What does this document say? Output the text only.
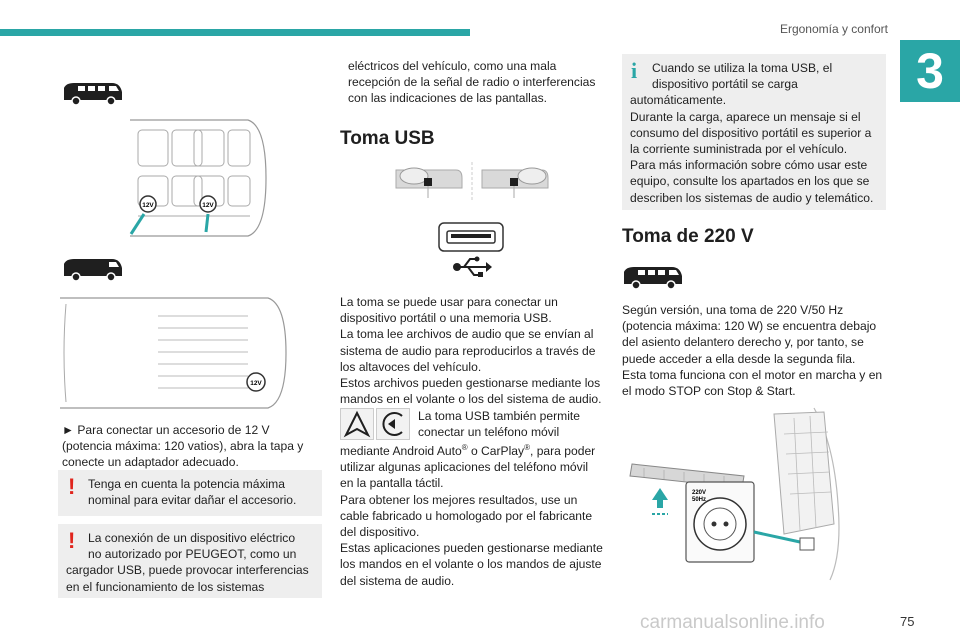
Ergonomía y confort
3
12V	12V
12V

► Para conectar un accesorio de 12 V (potencia máxima: 120 vatios), abra la tapa y conecte un adaptador adecuado.

!	Tenga en cuenta la potencia máxima nominal para evitar dañar el accesorio.
!	La conexión de un dispositivo eléctrico
no autorizado por PEUGEOT, como un
cargador USB, puede provocar interferencias
en el funcionamiento de los sistemas
eléctricos del vehículo, como una mala
recepción de la señal de radio o interferencias
con las indicaciones de las pantallas.
Toma USB
La toma se puede usar para conectar un
dispositivo portátil o una memoria USB.
La toma lee archivos de audio que se envían al
sistema de audio para reproducirlos a través de
los altavoces del vehículo.
Estos archivos pueden gestionarse mediante los
mandos en el volante o los del sistema de audio.
La toma USB también permite
conectar un teléfono móvil
mediante Android Auto® o CarPlay®, para poder
utilizar algunas aplicaciones del teléfono móvil
en la pantalla táctil.
Para obtener los mejores resultados, use un
cable fabricado u homologado por el fabricante
del dispositivo.
Estas aplicaciones pueden gestionarse mediante
los mandos en el volante o los mandos de ajuste
del sistema de audio.
i	Cuando se utiliza la toma USB, el
dispositivo portátil se carga
automáticamente.
Durante la carga, aparece un mensaje si el
consumo del dispositivo portátil es superior a
la corriente suministrada por el vehículo.
Para más información sobre cómo usar este
equipo, consulte los apartados en los que se
describen los sistemas de audio y telemático.
Toma de 220 V
Según versión, una toma de 220 V/50 Hz
(potencia máxima: 120 W) se encuentra debajo
del asiento delantero derecho y, por tanto, se
puede acceder a ella desde la segunda fila.
Esta toma funciona con el motor en marcha y en
el modo STOP con Stop & Start.
220V
50Hz
carmanualsonline.info	75
